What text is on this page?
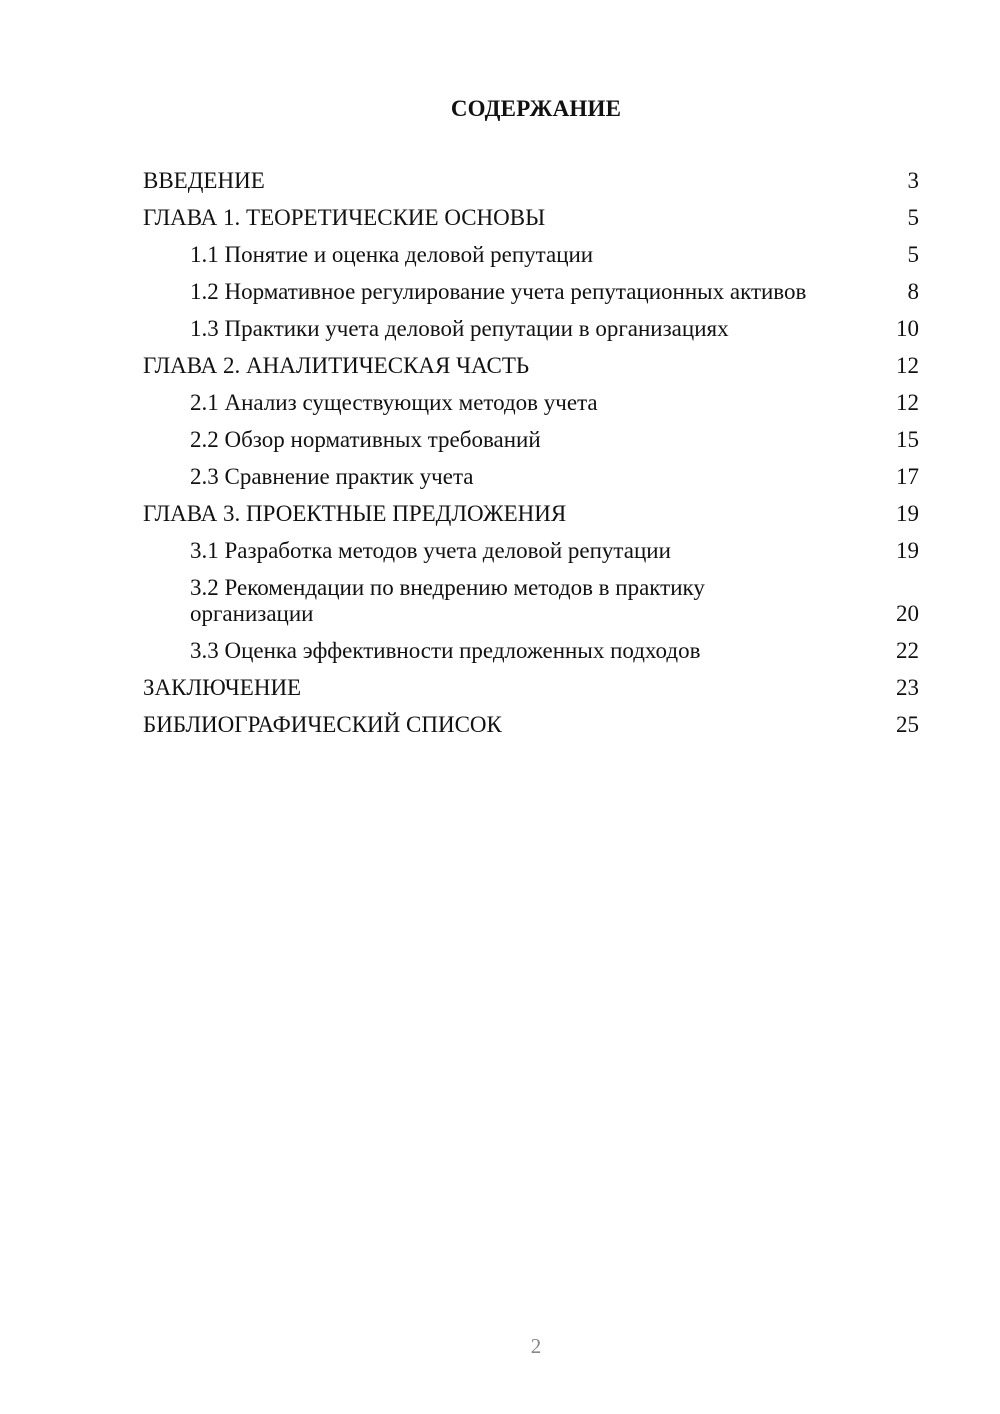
СОДЕРЖАНИЕ
ВВЕДЕНИЕ	3
ГЛАВА 1. ТЕОРЕТИЧЕСКИЕ ОСНОВЫ	5
1.1 Понятие и оценка деловой репутации	5
1.2 Нормативное регулирование учета репутационных активов	8
1.3 Практики учета деловой репутации в организациях	10
ГЛАВА 2. АНАЛИТИЧЕСКАЯ ЧАСТЬ	12
2.1 Анализ существующих методов учета	12
2.2 Обзор нормативных требований	15
2.3 Сравнение практик учета	17
ГЛАВА 3. ПРОЕКТНЫЕ ПРЕДЛОЖЕНИЯ	19
3.1 Разработка методов учета деловой репутации	19
3.2 Рекомендации по внедрению методов в практику организации	20
3.3 Оценка эффективности предложенных подходов	22
ЗАКЛЮЧЕНИЕ	23
БИБЛИОГРАФИЧЕСКИЙ СПИСОК	25
2
